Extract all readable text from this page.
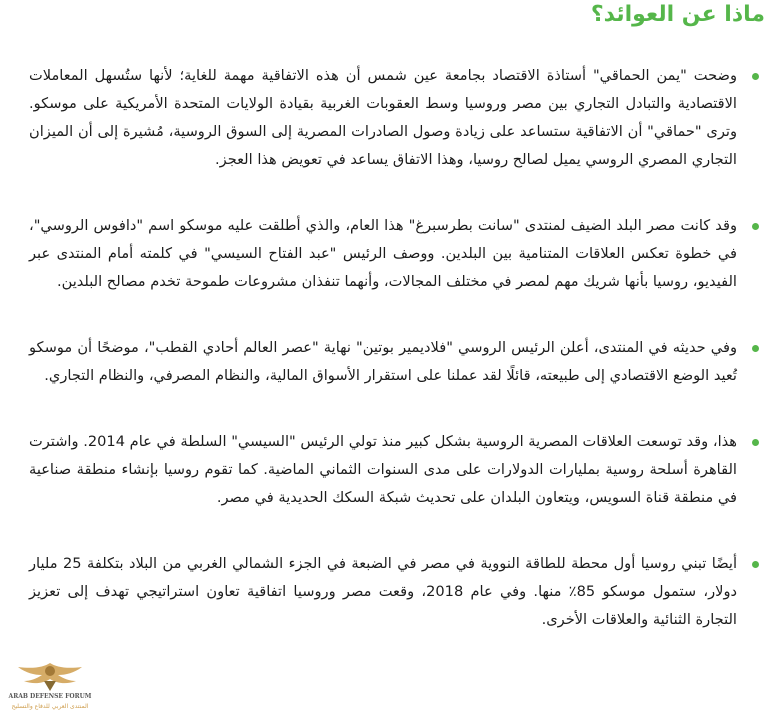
ماذا عن العوائد؟
وضحت "يمن الحماقي" أستاذة الاقتصاد بجامعة عين شمس أن هذه الاتفاقية مهمة للغاية؛ لأنها ستُسهل المعاملات الاقتصادية والتبادل التجاري بين مصر وروسيا وسط العقوبات الغربية بقيادة الولايات المتحدة الأمريكية على موسكو. وترى "حماقي" أن الاتفاقية ستساعد على زيادة وصول الصادرات المصرية إلى السوق الروسية، مُشيرة إلى أن الميزان التجاري المصري الروسي يميل لصالح روسيا، وهذا الاتفاق يساعد في تعويض هذا العجز.
وقد كانت مصر البلد الضيف لمنتدى "سانت بطرسبرغ" هذا العام، والذي أطلقت عليه موسكو اسم "دافوس الروسي"، في خطوة تعكس العلاقات المتنامية بين البلدين. ووصف الرئيس "عبد الفتاح السيسي" في كلمته أمام المنتدى عبر الفيديو، روسيا بأنها شريك مهم لمصر في مختلف المجالات، وأنهما تنفذان مشروعات طموحة تخدم مصالح البلدين.
وفي حديثه في المنتدى، أعلن الرئيس الروسي "فلاديمير بوتين" نهاية "عصر العالم أحادي القطب"، موضحًا أن موسكو تُعيد الوضع الاقتصادي إلى طبيعته، قائلًا لقد عملنا على استقرار الأسواق المالية، والنظام المصرفي، والنظام التجاري.
هذا، وقد توسعت العلاقات المصرية الروسية بشكل كبير منذ تولي الرئيس "السيسي" السلطة في عام 2014. واشترت القاهرة أسلحة روسية بمليارات الدولارات على مدى السنوات الثماني الماضية. كما تقوم روسيا بإنشاء منطقة صناعية في منطقة قناة السويس، ويتعاون البلدان على تحديث شبكة السكك الحديدية في مصر.
أيضًا تبني روسيا أول محطة للطاقة النووية في مصر في الضبعة في الجزء الشمالي الغربي من البلاد بتكلفة 25 مليار دولار، ستمول موسكو 85٪ منها. وفي عام 2018، وقعت مصر وروسيا اتفاقية تعاون استراتيجي تهدف إلى تعزيز التجارة الثنائية والعلاقات الأخرى.
ARAB DEFENSE FORUM
المنتدى العربي للدفاع والتسليح
